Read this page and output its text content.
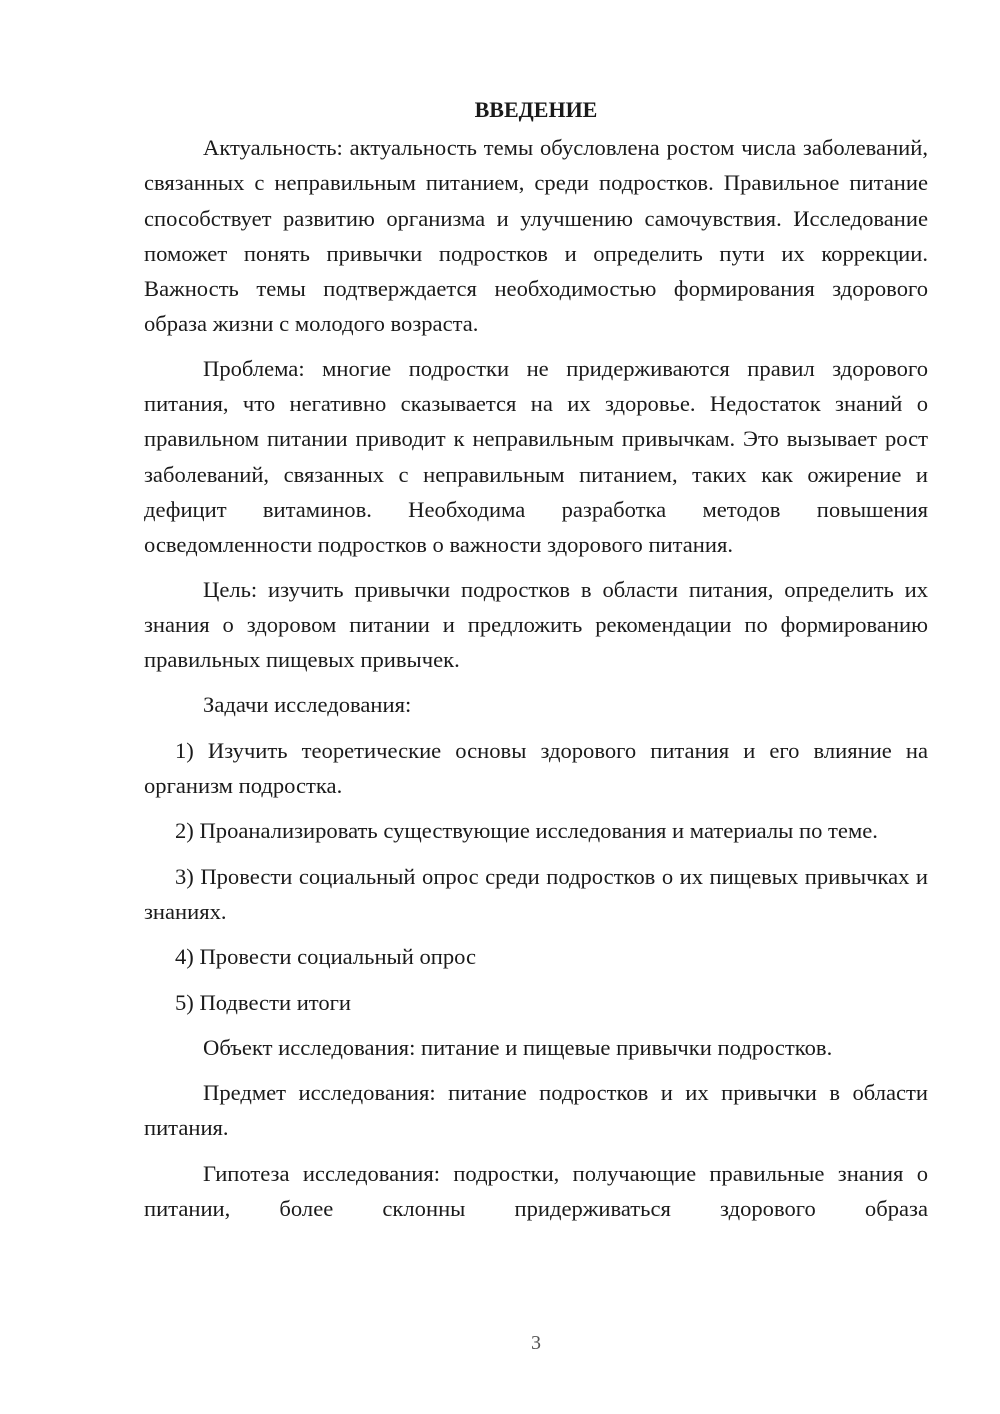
ВВЕДЕНИЕ

Актуальность: актуальность темы обусловлена ростом числа заболеваний, связанных с неправильным питанием, среди подростков. Правильное питание способствует развитию организма и улучшению самочувствия. Исследование поможет понять привычки подростков и определить пути их коррекции. Важность темы подтверждается необходимостью формирования здорового образа жизни с молодого возраста.

Проблема: многие подростки не придерживаются правил здорового питания, что негативно сказывается на их здоровье. Недостаток знаний о правильном питании приводит к неправильным привычкам. Это вызывает рост заболеваний, связанных с неправильным питанием, таких как ожирение и дефицит витаминов. Необходима разработка методов повышения осведомленности подростков о важности здорового питания.

Цель: изучить привычки подростков в области питания, определить их знания о здоровом питании и предложить рекомендации по формированию правильных пищевых привычек.

Задачи исследования:

1) Изучить теоретические основы здорового питания и его влияние на организм подростка.

2) Проанализировать существующие исследования и материалы по теме.

3) Провести социальный опрос среди подростков о их пищевых привычках и знаниях.

4) Провести социальный опрос

5) Подвести итоги

Объект исследования: питание и пищевые привычки подростков.

Предмет исследования: питание подростков и их привычки в области питания.

Гипотеза исследования: подростки, получающие правильные знания о питании, более склонны придерживаться здорового образа

3
